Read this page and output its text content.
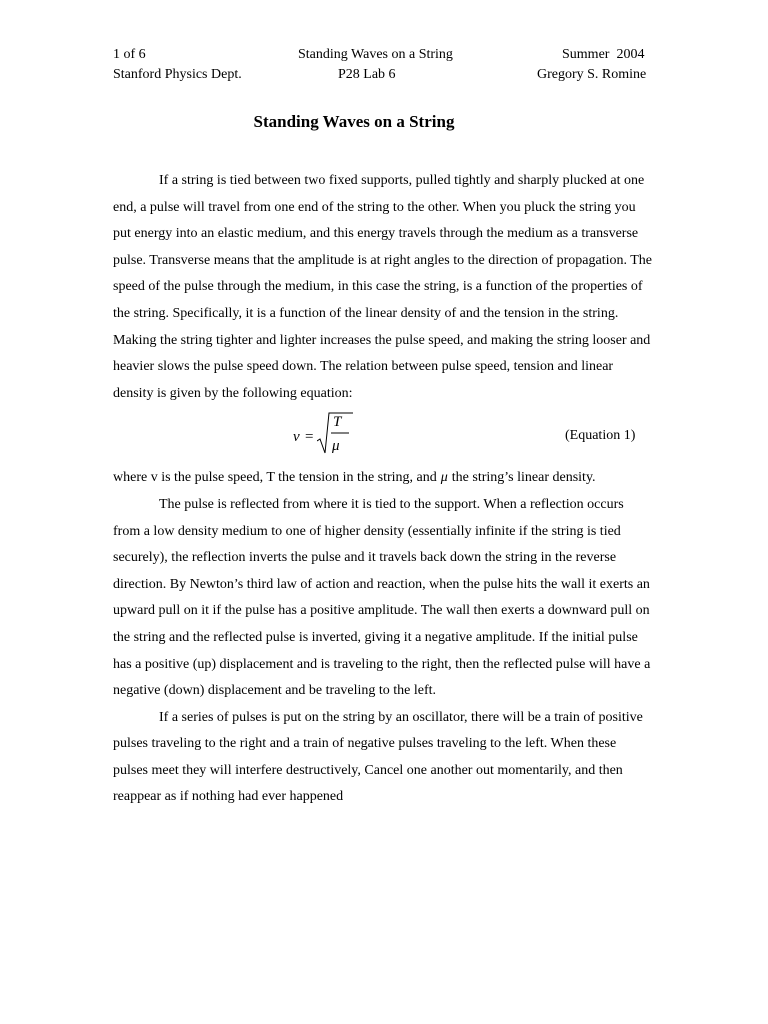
1 of 6	Standing Waves on a String	Summer  2004
Stanford Physics Dept.	P28 Lab 6	Gregory S. Romine
Standing Waves on a String

If a string is tied between two fixed supports, pulled tightly and sharply plucked at one end, a pulse will travel from one end of the string to the other. When you pluck the string you put energy into an elastic medium, and this energy travels through the medium as a transverse pulse. Transverse means that the amplitude is at right angles to the direction of propagation. The speed of the pulse through the medium, in this case the string, is a function of the properties of the string. Specifically, it is a function of the linear density of and the tension in the string. Making the string tighter and lighter increases the pulse speed, and making the string looser and heavier slows the pulse speed down. The relation between pulse speed, tension and linear density is given by the following equation:

v =
T
μ
(Equation 1)

where v is the pulse speed, T the tension in the string, and μ the string’s linear density.

The pulse is reflected from where it is tied to the support. When a reflection occurs from a low density medium to one of higher density (essentially infinite if the string is tied securely), the reflection inverts the pulse and it travels back down the string in the reverse direction. By Newton’s third law of action and reaction, when the pulse hits the wall it exerts an upward pull on it if the pulse has a positive amplitude. The wall then exerts a downward pull on the string and the reflected pulse is inverted, giving it a negative amplitude. If the initial pulse has a positive (up) displacement and is traveling to the right, then the reflected pulse will have a negative (down) displacement and be traveling to the left.

If a series of pulses is put on the string by an oscillator, there will be a train of positive pulses traveling to the right and a train of negative pulses traveling to the left. When these pulses meet they will interfere destructively, Cancel one another out momentarily, and then reappear as if nothing had ever happened
